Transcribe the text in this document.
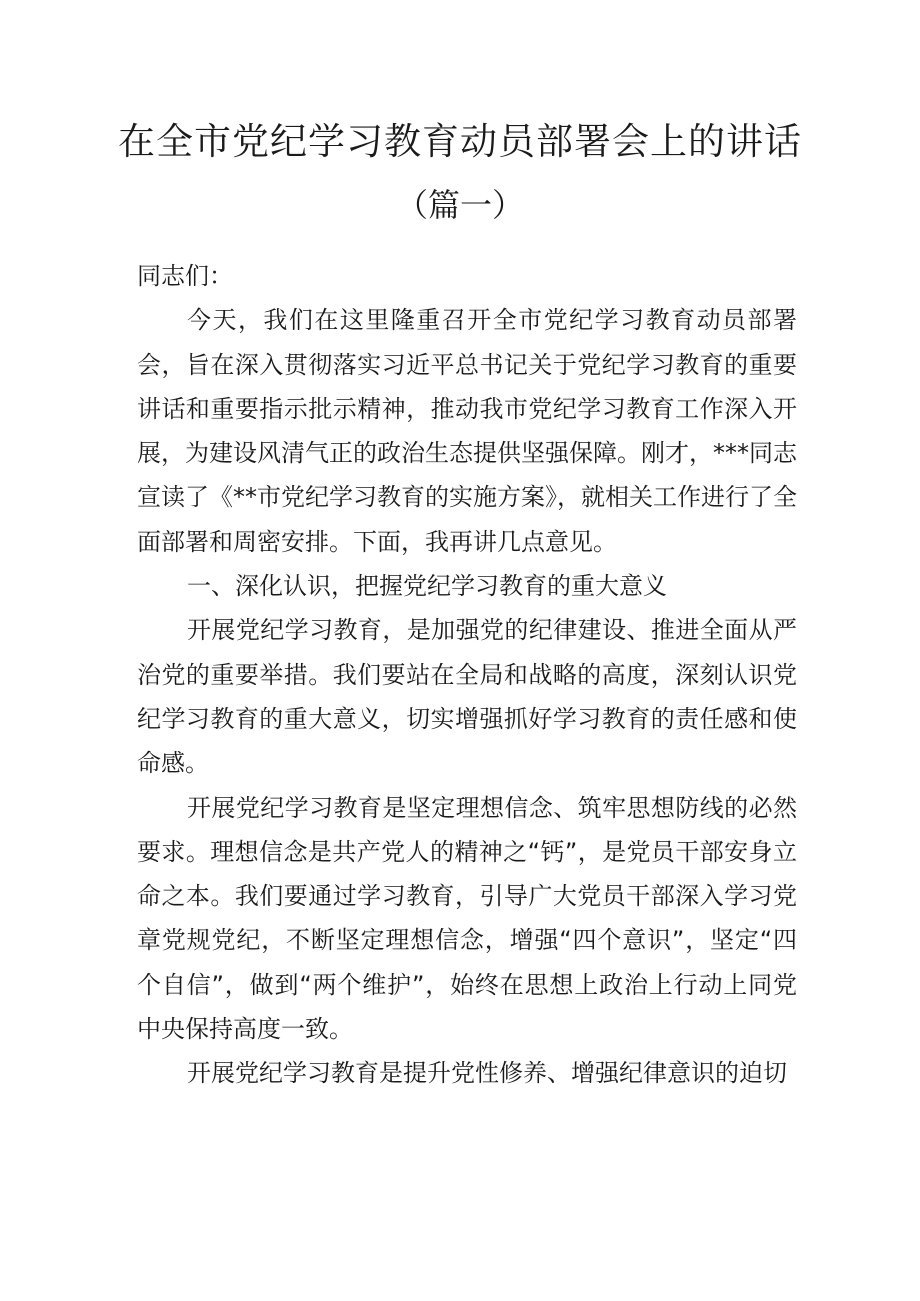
在全市党纪学习教育动员部署会上的讲话
（篇一）

同志们：

今天，我们在这里隆重召开全市党纪学习教育动员部署会，旨在深入贯彻落实习近平总书记关于党纪学习教育的重要讲话和重要指示批示精神，推动我市党纪学习教育工作深入开展，为建设风清气正的政治生态提供坚强保障。刚才，***同志宣读了《**市党纪学习教育的实施方案》，就相关工作进行了全面部署和周密安排。下面，我再讲几点意见。

一、深化认识，把握党纪学习教育的重大意义

开展党纪学习教育，是加强党的纪律建设、推进全面从严治党的重要举措。我们要站在全局和战略的高度，深刻认识党纪学习教育的重大意义，切实增强抓好学习教育的责任感和使命感。

开展党纪学习教育是坚定理想信念、筑牢思想防线的必然要求。理想信念是共产党人的精神之“钙”，是党员干部安身立命之本。我们要通过学习教育，引导广大党员干部深入学习党章党规党纪，不断坚定理想信念，增强“四个意识”，坚定“四个自信”，做到“两个维护”，始终在思想上政治上行动上同党中央保持高度一致。

开展党纪学习教育是提升党性修养、增强纪律意识的迫切
